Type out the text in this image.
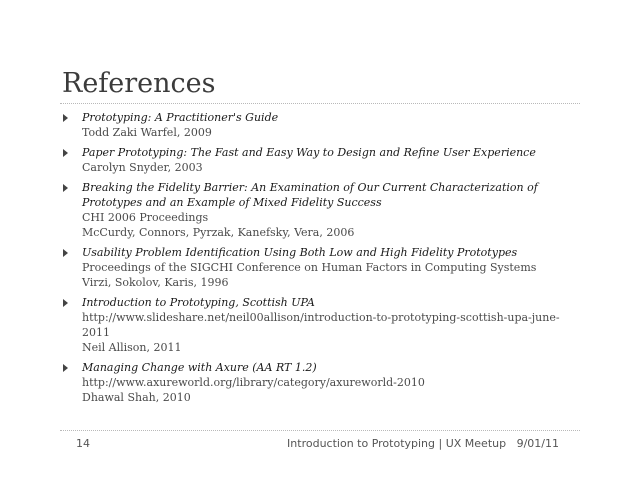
References
Prototyping: A Practitioner's Guide
Todd Zaki Warfel, 2009
Paper Prototyping: The Fast and Easy Way to Design and Refine User Experience
Carolyn Snyder, 2003
Breaking the Fidelity Barrier: An Examination of Our Current Characterization of Prototypes and an Example of Mixed Fidelity Success
CHI 2006 Proceedings
McCurdy, Connors, Pyrzak, Kanefsky, Vera, 2006
Usability Problem Identification Using Both Low and High Fidelity Prototypes
Proceedings of the SIGCHI Conference on Human Factors in Computing Systems
Virzi, Sokolov, Karis, 1996
Introduction to Prototyping, Scottish UPA
http://www.slideshare.net/neil00allison/introduction-to-prototyping-scottish-upa-june-2011
Neil Allison, 2011
Managing Change with Axure (AA RT 1.2)
http://www.axureworld.org/library/category/axureworld-2010
Dhawal Shah, 2010
14	Introduction to Prototyping | UX Meetup 9/01/11
